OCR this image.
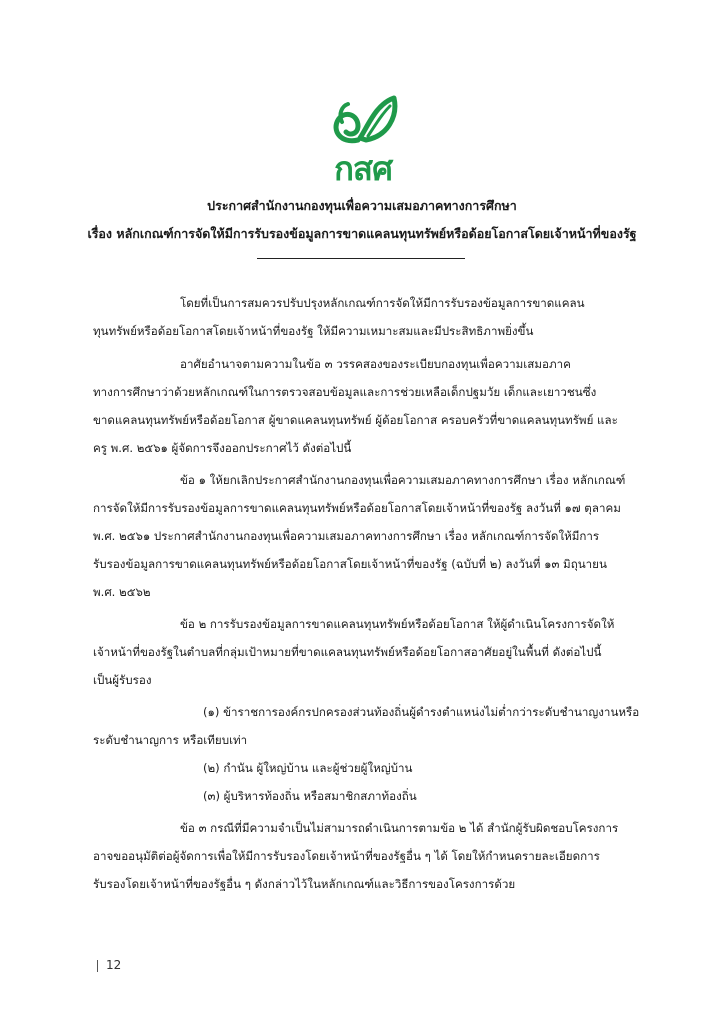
กสศ
ประกาศสำนักงานกองทุนเพื่อความเสมอภาคทางการศึกษา
เรื่อง หลักเกณฑ์การจัดให้มีการรับรองข้อมูลการขาดแคลนทุนทรัพย์หรือด้อยโอกาสโดยเจ้าหน้าที่ของรัฐ
โดยที่เป็นการสมควรปรับปรุงหลักเกณฑ์การจัดให้มีการรับรองข้อมูลการขาดแคลน
ทุนทรัพย์หรือด้อยโอกาสโดยเจ้าหน้าที่ของรัฐ ให้มีความเหมาะสมและมีประสิทธิภาพยิ่งขึ้น
อาศัยอำนาจตามความในข้อ ๓ วรรคสองของระเบียบกองทุนเพื่อความเสมอภาค
ทางการศึกษาว่าด้วยหลักเกณฑ์ในการตรวจสอบข้อมูลและการช่วยเหลือเด็กปฐมวัย เด็กและเยาวชนซึ่ง
ขาดแคลนทุนทรัพย์หรือด้อยโอกาส ผู้ขาดแคลนทุนทรัพย์ ผู้ด้อยโอกาส ครอบครัวที่ขาดแคลนทุนทรัพย์ และ
ครู พ.ศ. ๒๕๖๑ ผู้จัดการจึงออกประกาศไว้ ดังต่อไปนี้
ข้อ ๑ ให้ยกเลิกประกาศสำนักงานกองทุนเพื่อความเสมอภาคทางการศึกษา เรื่อง หลักเกณฑ์
การจัดให้มีการรับรองข้อมูลการขาดแคลนทุนทรัพย์หรือด้อยโอกาสโดยเจ้าหน้าที่ของรัฐ ลงวันที่ ๑๗ ตุลาคม
พ.ศ. ๒๕๖๑ ประกาศสำนักงานกองทุนเพื่อความเสมอภาคทางการศึกษา เรื่อง หลักเกณฑ์การจัดให้มีการ
รับรองข้อมูลการขาดแคลนทุนทรัพย์หรือด้อยโอกาสโดยเจ้าหน้าที่ของรัฐ (ฉบับที่ ๒) ลงวันที่ ๑๓ มิถุนายน
พ.ศ. ๒๕๖๒
ข้อ ๒ การรับรองข้อมูลการขาดแคลนทุนทรัพย์หรือด้อยโอกาส ให้ผู้ดำเนินโครงการจัดให้
เจ้าหน้าที่ของรัฐในตำบลที่กลุ่มเป้าหมายที่ขาดแคลนทุนทรัพย์หรือด้อยโอกาสอาศัยอยู่ในพื้นที่ ดังต่อไปนี้
เป็นผู้รับรอง
(๑) ข้าราชการองค์กรปกครองส่วนท้องถิ่นผู้ดำรงตำแหน่งไม่ต่ำกว่าระดับชำนาญงานหรือ
ระดับชำนาญการ หรือเทียบเท่า
(๒) กำนัน ผู้ใหญ่บ้าน และผู้ช่วยผู้ใหญ่บ้าน
(๓) ผู้บริหารท้องถิ่น หรือสมาชิกสภาท้องถิ่น
ข้อ ๓ กรณีที่มีความจำเป็นไม่สามารถดำเนินการตามข้อ ๒ ได้ สำนักผู้รับผิดชอบโครงการ
อาจขออนุมัติต่อผู้จัดการเพื่อให้มีการรับรองโดยเจ้าหน้าที่ของรัฐอื่น ๆ ได้ โดยให้กำหนดรายละเอียดการ
รับรองโดยเจ้าหน้าที่ของรัฐอื่น ๆ ดังกล่าวไว้ในหลักเกณฑ์และวิธีการของโครงการด้วย
12
